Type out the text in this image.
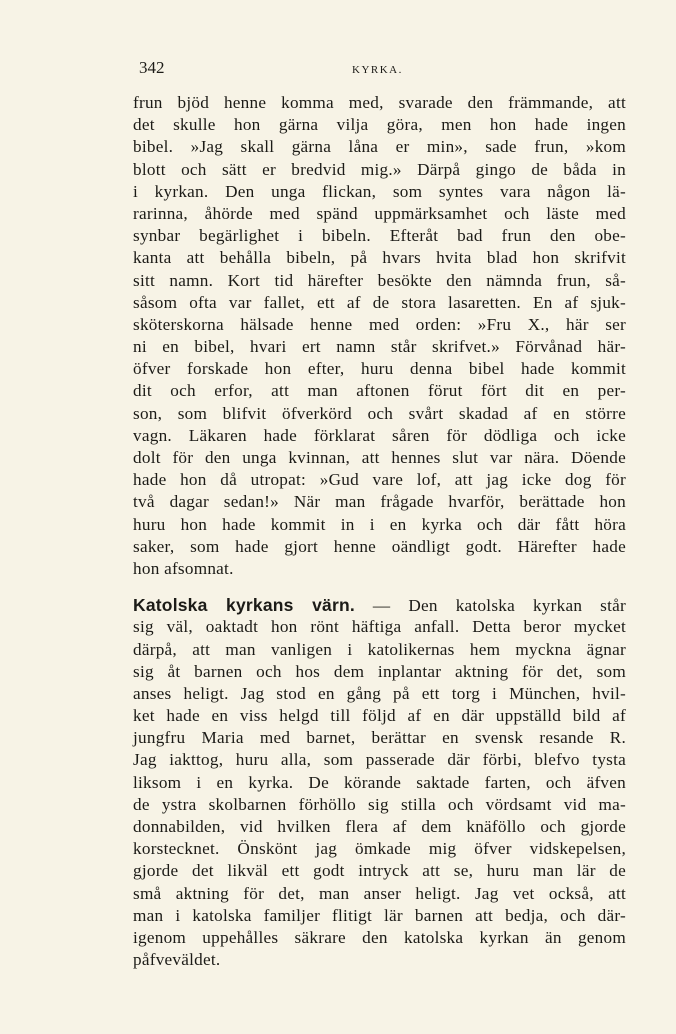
342	KYRKA.
frun bjöd henne komma med, svarade den främmande, att
det skulle hon gärna vilja göra, men hon hade ingen
bibel. »Jag skall gärna låna er min», sade frun, »kom
blott och sätt er bredvid mig.» Därpå gingo de båda in
i kyrkan. Den unga flickan, som syntes vara någon lä-
rarinna, åhörde med spänd uppmärksamhet och läste med
synbar begärlighet i bibeln. Efteråt bad frun den obe-
kanta att behålla bibeln, på hvars hvita blad hon skrifvit
sitt namn. Kort tid härefter besökte den nämnda frun, så-
såsom ofta var fallet, ett af de stora lasaretten. En af sjuk-
sköterskorna hälsade henne med orden: »Fru X., här ser
ni en bibel, hvari ert namn står skrifvet.» Förvånad här-
öfver forskade hon efter, huru denna bibel hade kommit
dit och erfor, att man aftonen förut fört dit en per-
son, som blifvit öfverkörd och svårt skadad af en större
vagn. Läkaren hade förklarat såren för dödliga och icke
dolt för den unga kvinnan, att hennes slut var nära. Döende
hade hon då utropat: »Gud vare lof, att jag icke dog för
två dagar sedan!» När man frågade hvarför, berättade hon
huru hon hade kommit in i en kyrka och där fått höra
saker, som hade gjort henne oändligt godt. Härefter hade
hon afsomnat.
Katolska kyrkans värn. — Den katolska kyrkan står
sig väl, oaktadt hon rönt häftiga anfall. Detta beror mycket
därpå, att man vanligen i katolikernas hem myckna ägnar
sig åt barnen och hos dem inplantar aktning för det, som
anses heligt. Jag stod en gång på ett torg i München, hvil-
ket hade en viss helgd till följd af en där uppställd bild af
jungfru Maria med barnet, berättar en svensk resande R.
Jag iakttog, huru alla, som passerade där förbi, blefvo tysta
liksom i en kyrka. De körande saktade farten, och äfven
de ystra skolbarnen förhöllo sig stilla och vördsamt vid ma-
donnabilden, vid hvilken flera af dem knäföllo och gjorde
korstecknet. Önskönt jag ömkade mig öfver vidskepelsen,
gjorde det likväl ett godt intryck att se, huru man lär de
små aktning för det, man anser heligt. Jag vet också, att
man i katolska familjer flitigt lär barnen att bedja, och där-
igenom uppehålles säkrare den katolska kyrkan än genom
påfveväldet.
